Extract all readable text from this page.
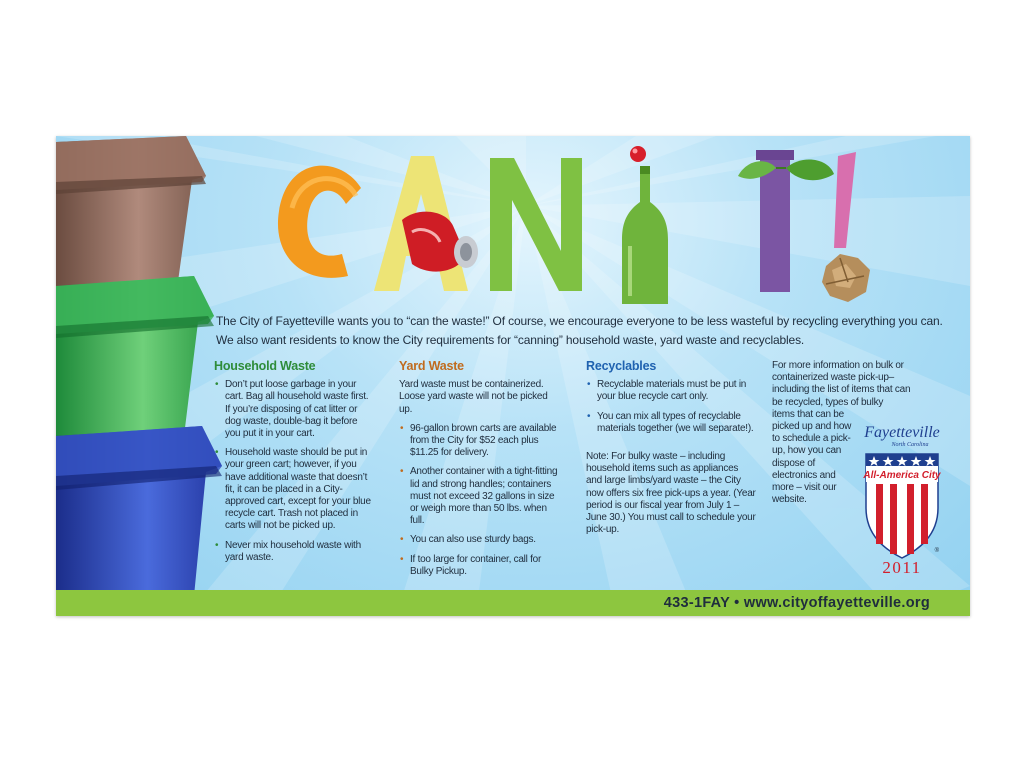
The City of Fayetteville wants you to “can the waste!” Of course, we encourage everyone to be less wasteful by recycling everything you can.

We also want residents to know the City requirements for “canning” household waste, yard waste and recyclables.

Household Waste
• Don’t put loose garbage in your cart. Bag all household waste first. If you’re disposing of cat litter or dog waste, double-bag it before you put it in your cart.
• Household waste should be put in your green cart; however, if you have additional waste that doesn’t fit, it can be placed in a City-approved cart, except for your blue recycle cart. Trash not placed in carts will not be picked up.
• Never mix household waste with yard waste.
Yard Waste

Yard waste must be containerized. Loose yard waste will not be picked up.

• 96-gallon brown carts are available from the City for $52 each plus $11.25 for delivery.
• Another container with a tight-fitting lid and strong handles; containers must not exceed 32 gallons in size or weigh more than 50 lbs. when full.
• You can also use sturdy bags.
• If too large for container, call for Bulky Pickup.
Recyclables
• Recyclable materials must be put in your blue recycle cart only.
• You can mix all types of recyclable materials together (we will separate!).

Note: For bulky waste – including household items such as appliances and large limbs/yard waste – the City now offers six free pick-ups a year. (Year period is our fiscal year from July 1 – June 30.) You must call to schedule your pick-up.

For more information on bulk or containerized waste pick-up– including the list of items that can be recycled, types of bulky
items that can be picked up and how to schedule a pick-up, how you can dispose of electronics and more – visit our website.
Fayetteville
North Carolina
All-America City
®
2011
433-1FAY • www.cityoffayetteville.org
